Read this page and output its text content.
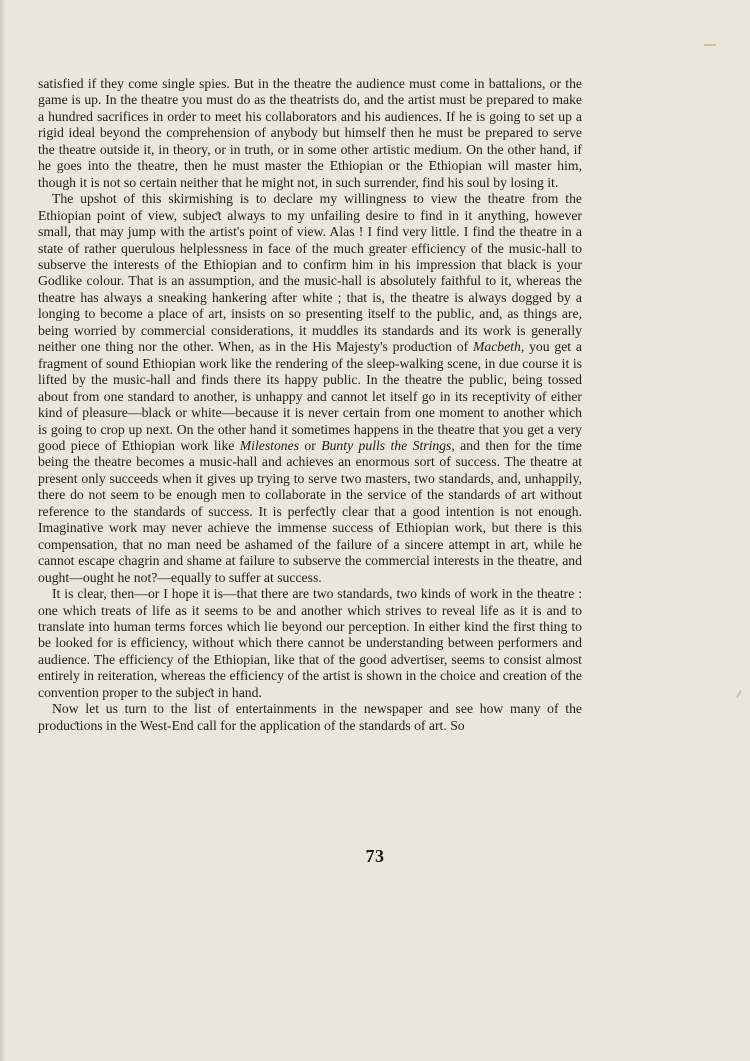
satisfied if they come single spies. But in the theatre the audience must come in battalions, or the game is up. In the theatre you must do as the theatrists do, and the artist must be prepared to make a hundred sacrifices in order to meet his collaborators and his audiences. If he is going to set up a rigid ideal beyond the comprehension of anybody but himself then he must be prepared to serve the theatre outside it, in theory, or in truth, or in some other artistic medium. On the other hand, if he goes into the theatre, then he must master the Ethiopian or the Ethiopian will master him, though it is not so certain neither that he might not, in such surrender, find his soul by losing it.

The upshot of this skirmishing is to declare my willingness to view the theatre from the Ethiopian point of view, subjeƈt always to my unfailing desire to find in it anything, however small, that may jump with the artist's point of view. Alas ! I find very little. I find the theatre in a state of rather querulous helplessness in face of the much greater efficiency of the music-hall to subserve the interests of the Ethiopian and to confirm him in his impression that black is your Godlike colour. That is an assumption, and the music-hall is absolutely faithful to it, whereas the theatre has always a sneaking hankering after white ; that is, the theatre is always dogged by a longing to become a place of art, insists on so presenting itself to the public, and, as things are, being worried by commercial considerations, it muddles its standards and its work is generally neither one thing nor the other. When, as in the His Majesty's produƈtion of Macbeth, you get a fragment of sound Ethiopian work like the rendering of the sleep-walking scene, in due course it is lifted by the music-hall and finds there its happy public. In the theatre the public, being tossed about from one standard to another, is unhappy and cannot let itself go in its receptivity of either kind of pleasure—black or white—because it is never certain from one moment to another which is going to crop up next. On the other hand it sometimes happens in the theatre that you get a very good piece of Ethiopian work like Milestones or Bunty pulls the Strings, and then for the time being the theatre becomes a music-hall and achieves an enormous sort of success. The theatre at present only succeeds when it gives up trying to serve two masters, two standards, and, unhappily, there do not seem to be enough men to collaborate in the service of the standards of art without reference to the standards of success. It is perfeƈtly clear that a good intention is not enough. Imaginative work may never achieve the immense success of Ethiopian work, but there is this compensation, that no man need be ashamed of the failure of a sincere attempt in art, while he cannot escape chagrin and shame at failure to subserve the commercial interests in the theatre, and ought—ought he not?—equally to suffer at success.

It is clear, then—or I hope it is—that there are two standards, two kinds of work in the theatre : one which treats of life as it seems to be and another which strives to reveal life as it is and to translate into human terms forces which lie beyond our perception. In either kind the first thing to be looked for is efficiency, without which there cannot be understanding between performers and audience. The efficiency of the Ethiopian, like that of the good advertiser, seems to consist almost entirely in reiteration, whereas the efficiency of the artist is shown in the choice and creation of the convention proper to the subjeƈt in hand.

Now let us turn to the list of entertainments in the newspaper and see how many of the produƈtions in the West-End call for the application of the standards of art. So

73
